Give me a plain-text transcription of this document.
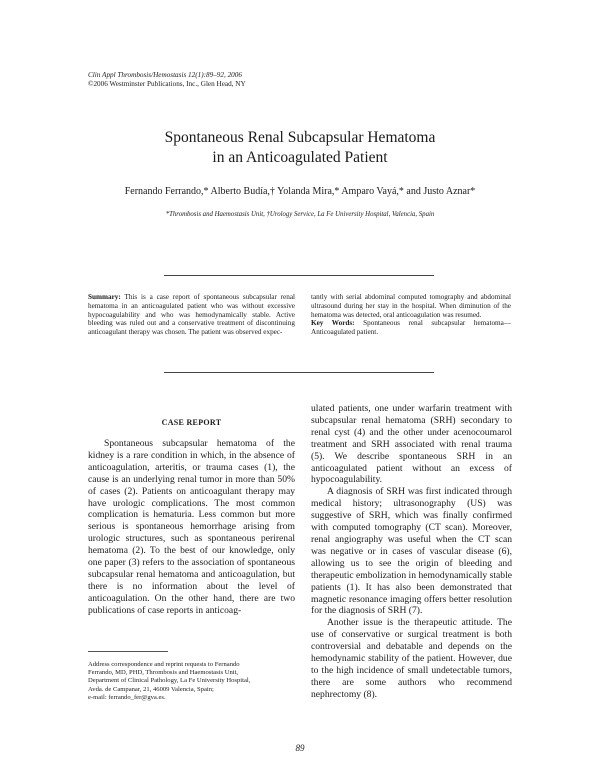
Clin Appl Thrombosis/Hemostasis 12(1):89–92, 2006
©2006 Westminster Publications, Inc., Glen Head, NY
Spontaneous Renal Subcapsular Hematoma
in an Anticoagulated Patient
Fernando Ferrando,* Alberto Budía,† Yolanda Mira,* Amparo Vayá,* and Justo Aznar*
*Thrombosis and Haemostasis Unit, †Urology Service, La Fe University Hospital, Valencia, Spain
Summary: This is a case report of spontaneous subcapsular renal hematoma in an anticoagulated patient who was without excessive hypocoagulability and who was hemodynamically stable. Active bleeding was ruled out and a conservative treatment of discontinuing anticoagulant therapy was chosen. The patient was observed expec-
tantly with serial abdominal computed tomography and abdominal ultrasound during her stay in the hospital. When diminution of the hematoma was detected, oral anticoagulation was resumed.
Key Words: Spontaneous renal subcapsular hematoma—Anticoagulated patient.
CASE REPORT

Spontaneous subcapsular hematoma of the kidney is a rare condition in which, in the absence of anticoagulation, arteritis, or trauma cases (1), the cause is an underlying renal tumor in more than 50% of cases (2). Patients on anticoagulant therapy may have urologic complications. The most common complication is hematuria. Less common but more serious is spontaneous hemorrhage arising from urologic structures, such as spontaneous perirenal hematoma (2). To the best of our knowledge, only one paper (3) refers to the association of spontaneous subcapsular renal hematoma and anticoagulation, but there is no information about the level of anticoagulation. On the other hand, there are two publications of case reports in anticoag-

ulated patients, one under warfarin treatment with subcapsular renal hematoma (SRH) secondary to renal cyst (4) and the other under acenocoumarol treatment and SRH associated with renal trauma (5). We describe spontaneous SRH in an anticoagulated patient without an excess of hypocoagulability.

A diagnosis of SRH was first indicated through medical history; ultrasonography (US) was suggestive of SRH, which was finally confirmed with computed tomography (CT scan). Moreover, renal angiography was useful when the CT scan was negative or in cases of vascular disease (6), allowing us to see the origin of bleeding and therapeutic embolization in hemodynamically stable patients (1). It has also been demonstrated that magnetic resonance imaging offers better resolution for the diagnosis of SRH (7).

Another issue is the therapeutic attitude. The use of conservative or surgical treatment is both controversial and debatable and depends on the hemodynamic stability of the patient. However, due to the high incidence of small undetectable tumors, there are some authors who recommend nephrectomy (8).

Address correspondence and reprint requests to Fernando
Ferrando, MD, PHD, Thrombosis and Haemostasis Unit,
Department of Clinical Pathology, La Fe University Hospital,
Avda. de Campanar, 21, 46009 Valencia, Spain;
e-mail: ferrando_fer@gva.es.
89
